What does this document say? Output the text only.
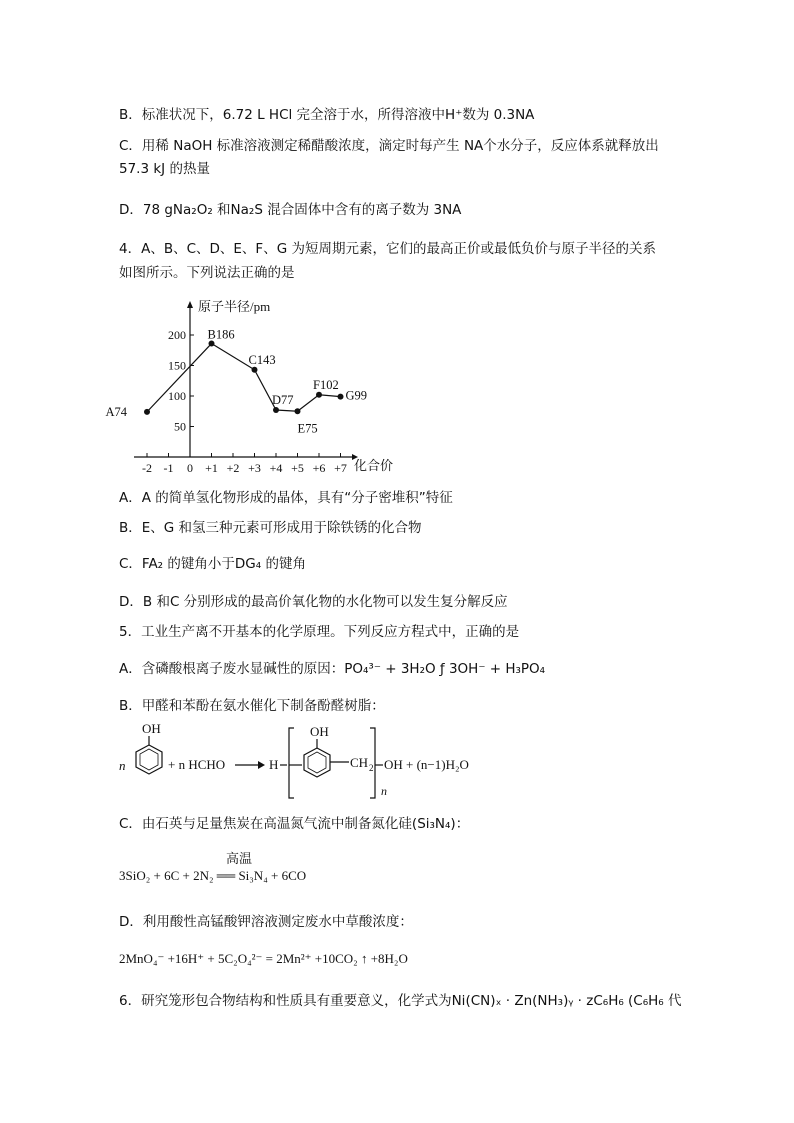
B．标准状况下，6.72 L HCl 完全溶于水，所得溶液中H⁺数为 0.3NA
C．用稀 NaOH 标准溶液测定稀醋酸浓度，滴定时每产生 NA个水分子，反应体系就释放出
57.3 kJ 的热量
D．78 gNa₂O₂ 和Na₂S 混合固体中含有的离子数为 3NA
4．A、B、C、D、E、F、G 为短周期元素，它们的最高正价或最低负价与原子半径的关系
如图所示。下列说法正确的是
-2 -1 0 +1 +2 +3 +4 +5 +6 +7
50
100
150
200
A74
B186
C143
D77
E75
F102
G99
原子半径/pm
化合价
A．A 的简单氢化物形成的晶体，具有“分子密堆积”特征
B．E、G 和氢三种元素可形成用于除铁锈的化合物
C．FA₂ 的键角小于DG₄ 的键角
D．B 和C 分别形成的最高价氧化物的水化物可以发生复分解反应
5．工业生产离不开基本的化学原理。下列反应方程式中，正确的是
A．含磷酸根离子废水显碱性的原因：PO₄³⁻ + 3H₂O ƒ 3OH⁻ + H₃PO₄
B．甲醛和苯酚在氨水催化下制备酚醛树脂：
n
OH
+ n HCHO	H
OH
CH 2
n
OH + (n−1)H₂O
C．由石英与足量焦炭在高温氮气流中制备氮化硅(Si₃N₄)：
高温
3SiO₂ + 6C + 2N₂ ══ Si₃N₄ + 6CO
D．利用酸性高锰酸钾溶液测定废水中草酸浓度：
2MnO₄⁻ +16H⁺ + 5C₂O₄²⁻ = 2Mn²⁺ +10CO₂ ↑ +8H₂O
6．研究笼形包合物结构和性质具有重要意义，化学式为Ni(CN)ₓ · Zn(NH₃)ᵧ · zC₆H₆ (C₆H₆ 代
